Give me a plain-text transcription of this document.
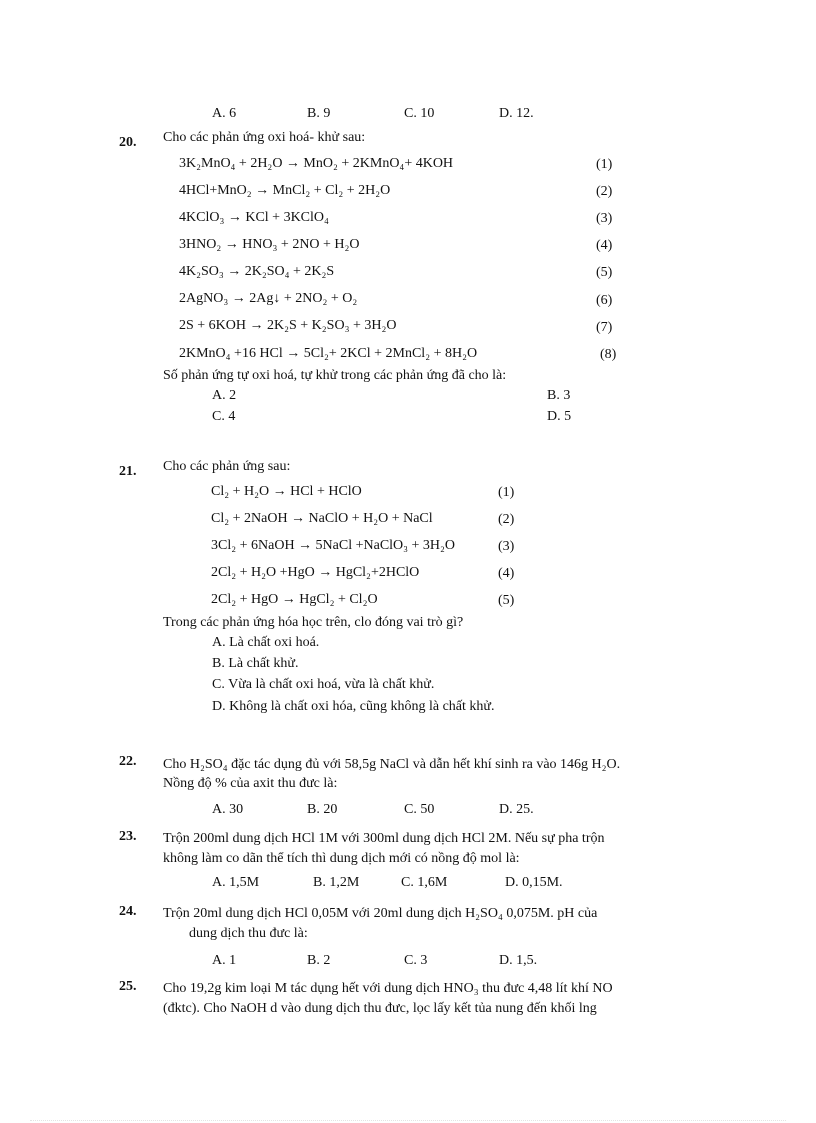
A. 6	B. 9	C. 10	D. 12.
20. Cho các phản ứng oxi hoá- khử sau:
3K₂MnO₄ + 2H₂O → MnO₂ + 2KMnO₄+ 4KOH	(1)
4HCl+MnO₂ → MnCl₂ + Cl₂ + 2H₂O	(2)
4KClO₃ → KCl + 3KClO₄	(3)
3HNO₂ → HNO₃ + 2NO + H₂O	(4)
4K₂SO₃ → 2K₂SO₄ + 2K₂S	(5)
2AgNO₃ → 2Ag↓ + 2NO₂ + O₂	(6)
2S + 6KOH → 2K₂S + K₂SO₃ + 3H₂O	(7)
2KMnO₄ +16 HCl → 5Cl₂+ 2KCl + 2MnCl₂ + 8H₂O	(8)
Số phản ứng tự oxi hoá, tự khử trong các phản ứng đã cho là:
A. 2	B. 3
C. 4	D. 5
21. Cho các phản ứng sau:
Cl₂ + H₂O → HCl + HClO	(1)
Cl₂ + 2NaOH → NaClO + H₂O + NaCl	(2)
3Cl₂ + 6NaOH → 5NaCl +NaClO₃ + 3H₂O	(3)
2Cl₂ + H₂O +HgO → HgCl₂+2HClO	(4)
2Cl₂ + HgO → HgCl₂ + Cl₂O	(5)
Trong các phản ứng hóa học trên, clo đóng vai trò gì?
A. Là chất oxi hoá.
B. Là chất khử.
C. Vừa là chất oxi hoá, vừa là chất khử.
D. Không là chất oxi hóa, cũng không là chất khử.
22. Cho H₂SO₄ đặc tác dụng đủ với 58,5g NaCl và dẫn hết khí sinh ra vào 146g H₂O.
Nồng độ % của axit thu đưc là:
A. 30	B. 20	C. 50	D. 25.
23. Trộn 200ml dung dịch HCl 1M với 300ml dung dịch HCl 2M. Nếu sự pha trộn
không làm co dãn thể tích thì dung dịch mới có nồng độ mol là:
A. 1,5M	B. 1,2M	C. 1,6M	D. 0,15M.
24. Trộn 20ml dung dịch HCl 0,05M với 20ml dung dịch H₂SO₄ 0,075M. pH của
dung dịch thu đưc là:
A. 1	B. 2	C. 3	D. 1,5.
25. Cho 19,2g kim loại M tác dụng hết với dung dịch HNO₃ thu đưc 4,48 lít khí NO
(đktc). Cho NaOH d vào dung dịch thu đưc, lọc lấy kết tủa nung đến khối lng
